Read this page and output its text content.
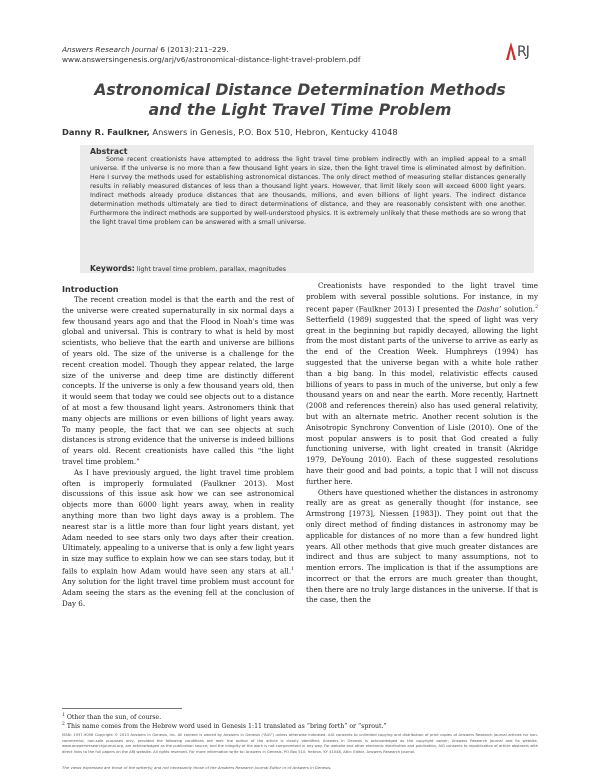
Answers Research Journal 6 (2013):211–229.
www.answersingenesis.org/arj/v6/astronomical-distance-light-travel-problem.pdf	RJ
Astronomical Distance Determination Methods
and the Light Travel Time Problem
Danny R. Faulkner, Answers in Genesis, P.O. Box 510, Hebron, Kentucky 41048
Abstract
Some recent creationists have attempted to address the light travel time problem indirectly with an implied appeal to a small universe. If the universe is no more than a few thousand light years in size, then the light travel time is eliminated almost by definition. Here I survey the methods used for establishing astronomical distances. The only direct method of measuring stellar distances generally results in reliably measured distances of less than a thousand light years. However, that limit likely soon will exceed 6000 light years. Indirect methods already produce distances that are thousands, millions, and even billions of light years. The indirect distance determination methods ultimately are tied to direct determinations of distance, and they are reasonably consistent with one another. Furthermore the indirect methods are supported by well-understood physics. It is extremely unlikely that these methods are so wrong that the light travel time problem can be answered with a small universe.
Keywords: light travel time problem, parallax, magnitudes

Introduction

The recent creation model is that the earth and the rest of the universe were created supernaturally in six normal days a few thousand years ago and that the Flood in Noah's time was global and universal. This is contrary to what is held by most scientists, who believe that the earth and universe are billions of years old. The size of the universe is a challenge for the recent creation model. Though they appear related, the large size of the universe and deep time are distinctly different concepts. If the universe is only a few thousand years old, then it would seem that today we could see objects out to a distance of at most a few thousand light years. Astronomers think that many objects are millions or even billions of light years away. To many people, the fact that we can see objects at such distances is strong evidence that the universe is indeed billions of years old. Recent creationists have called this “the light travel time problem.”

As I have previously argued, the light travel time problem often is improperly formulated (Faulkner 2013). Most discussions of this issue ask how we can see astronomical objects more than 6000 light years away, when in reality anything more than two light days away is a problem. The nearest star is a little more than four light years distant, yet Adam needed to see stars only two days after their creation. Ultimately, appealing to a universe that is only a few light years in size may suffice to explain how we can see stars today, but it fails to explain how Adam would have seen any stars at all.$^1$ Any solution for the light travel time problem must account for Adam seeing the stars as the evening fell at the conclusion of Day 6.

Creationists have responded to the light travel time problem with several possible solutions. For instance, in my recent paper (Faulkner 2013) I presented the Dasha’ solution.$^2$ Setterfield (1989) suggested that the speed of light was very great in the beginning but rapidly decayed, allowing the light from the most distant parts of the universe to arrive as early as the end of the Creation Week. Humphreys (1994) has suggested that the universe began with a white hole rather than a big bang. In this model, relativistic effects caused billions of years to pass in much of the universe, but only a few thousand years on and near the earth. More recently, Hartnett (2008 and references therein) also has used general relativity, but with an alternate metric. Another recent solution is the Anisotropic Synchrony Convention of Lisle (2010). One of the most popular answers is to posit that God created a fully functioning universe, with light created in transit (Akridge 1979, DeYoung 2010). Each of these suggested resolutions have their good and bad points, a topic that I will not discuss further here.

Others have questioned whether the distances in astronomy really are as great as generally thought (for instance, see Armstrong [1973], Niessen [1983]). They point out that the only direct method of finding distances in astronomy may be applicable for distances of no more than a few hundred light years. All other methods that give much greater distances are indirect and thus are subject to many assumptions, not to mention errors. The implication is that if the assumptions are incorrect or that the errors are much greater than thought, then there are no truly large distances in the universe. If that is the case, then the

$^1$ Other than the sun, of course.
$^2$ This name comes from the Hebrew word used in Genesis 1:11 translated as “bring forth” or “sprout.”
ISSN: 1937-9056 Copyright © 2013 Answers in Genesis, Inc. All content is owned by Answers in Genesis (“AiG”) unless otherwise indicated. AiG consents to unlimited copying and distribution of print copies of Answers Research Journal articles for non-commercial, non-sale purposes only, provided the following conditions are met: the author of the article is clearly identified; Answers in Genesis is acknowledged as the copyright owner; Answers Research Journal and its website, www.answersresearchjournal.org, are acknowledged as the publication source; and the integrity of the work is not compromised in any way. For website and other electronic distribution and publication, AiG consents to republication of article abstracts with direct links to the full papers on the ARJ website. All rights reserved. For more information write to: Answers in Genesis, PO Box 510, Hebron, KY 41048, Attn: Editor, Answers Research Journal.
The views expressed are those of the writer(s) and not necessarily those of the Answers Research Journal Editor or of Answers in Genesis.
